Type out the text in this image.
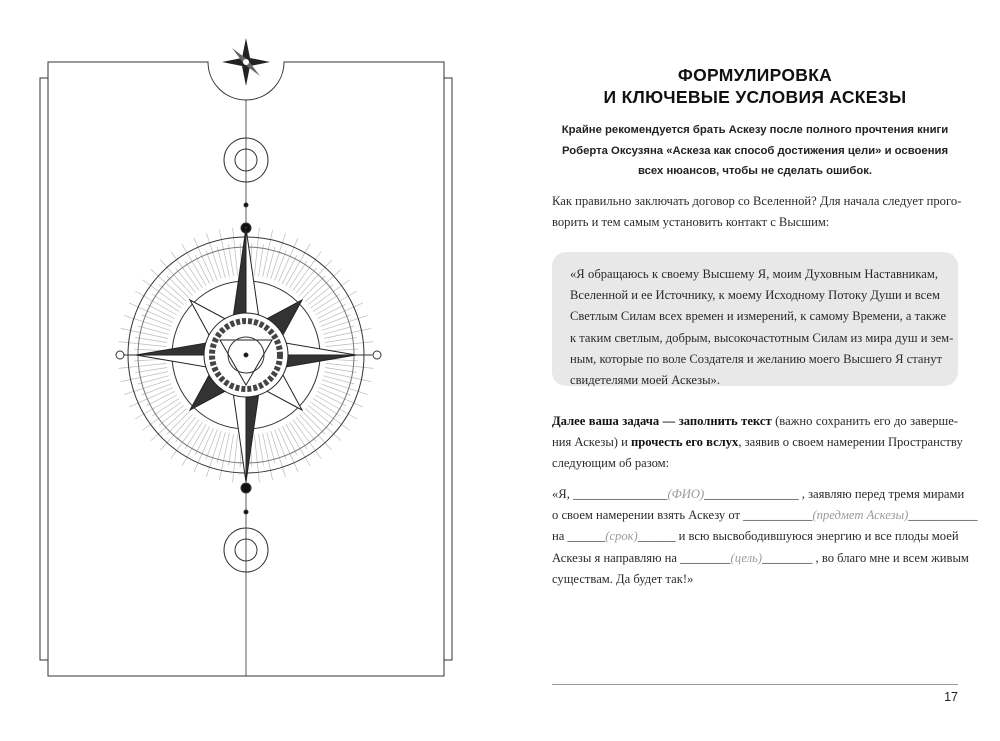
ФОРМУЛИРОВКА
И КЛЮЧЕВЫЕ УСЛОВИЯ АСКЕЗЫ
Крайне рекомендуется брать Аскезу после полного прочтения книги
Роберта Оксузяна «Аскеза как способ достижения цели» и освоения
всех нюансов, чтобы не сделать ошибок.
Как правильно заключать договор со Вселенной? Для начала следует прого-
ворить и тем самым установить контакт с Высшим:
«Я обращаюсь к своему Высшему Я, моим Духовным Наставникам,
Вселенной и ее Источнику, к моему Исходному Потоку Души и всем
Светлым Силам всех времен и измерений, к самому Времени, а также
к таким светлым, добрым, высокочастотным Силам из мира душ и зем-
ным, которые по воле Создателя и желанию моего Высшего Я станут
свидетелями моей Аскезы».
Далее ваша задача — заполнить текст (важно сохранить его до заверше-
ния Аскезы) и прочесть его вслух, заявив о своем намерении Пространству
следующим об разом:
«Я, _______________(ФИО)_______________ , заявляю перед тремя мирами
о своем намерении взять Аскезу от ___________(предмет Аскезы)___________
на ______(срок)______ и всю высвободившуюся энергию и все плоды моей
Аскезы я направляю на ________(цель)________ , во благо мне и всем живым
существам. Да будет так!»
17
